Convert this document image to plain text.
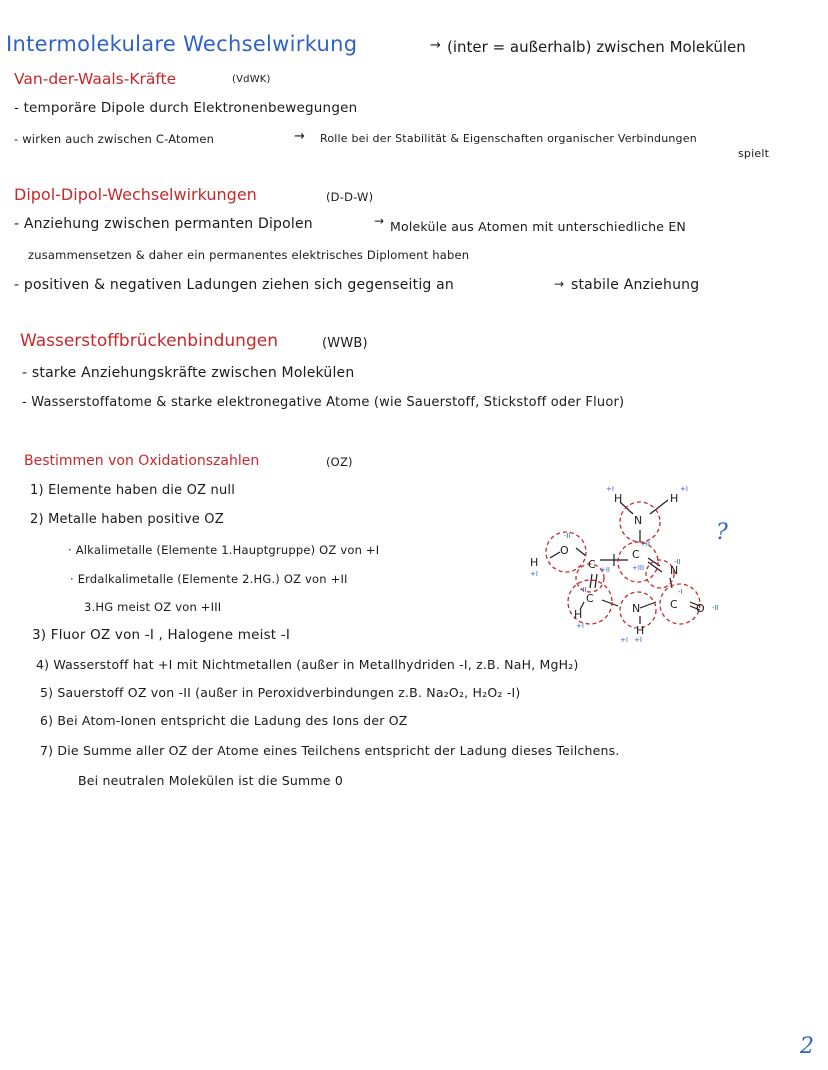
Intermolekulare Wechselwirkung	→ (inter = außerhalb) zwischen Molekülen
Van-der-Waals-Kräfte	(VdWK)
- temporäre Dipole durch Elektronenbewegungen
- wirken auch zwischen C-Atomen	→ Rolle bei der Stabilität & Eigenschaften organischer Verbindungen
spielt
Dipol-Dipol-Wechselwirkungen	(D-D-W)
- Anziehung zwischen permanten Dipolen	→ Moleküle aus Atomen mit unterschiedliche EN
zusammensetzen & daher ein permanentes elektrisches Diploment haben
- positiven & negativen Ladungen ziehen sich gegenseitig an	→ stabile Anziehung
Wasserstoffbrückenbindungen	(WWB)
- starke Anziehungskräfte zwischen Molekülen
- Wasserstoffatome & starke elektronegative Atome (wie Sauerstoff, Stickstoff oder Fluor)
Bestimmen von Oxidationszahlen	(OZ)
1) Elemente haben die OZ null
2) Metalle haben positive OZ
· Alkalimetalle (Elemente 1.Hauptgruppe) OZ von +I
· Erdalkalimetalle (Elemente 2.HG.) OZ von +II
3.HG meist OZ von +III
3) Fluor OZ von -I , Halogene meist -I
4) Wasserstoff hat +I mit Nichtmetallen (außer in Metallhydriden -I, z.B. NaH, MgH₂)
5) Sauerstoff OZ von -II (außer in Peroxidverbindungen z.B. Na₂O₂, H₂O₂ -I)
6) Bei Atom-Ionen entspricht die Ladung des Ions der OZ
7) Die Summe aller OZ der Atome eines Teilchens entspricht der Ladung dieses Teilchens.
Bei neutralen Molekülen ist die Summe 0
H	H
N
H
O
C
C
N
C
N	C O
H
H
+I	+I
-II
+I	+II	+III
+II
-II
-II
+I
-I
+I
-II
+I
?
2
